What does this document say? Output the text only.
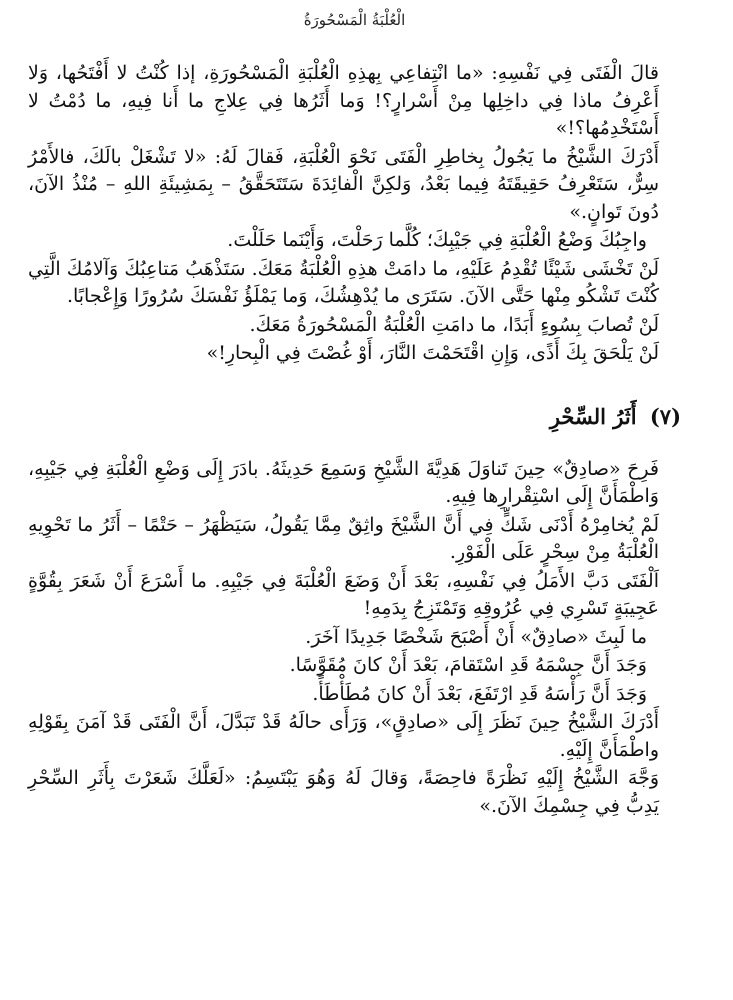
الْعُلْبَةُ الْمَسْحُورَةُ

قالَ الْفَتَى فِي نَفْسِهِ: «ما انْتِفاعِي بِهذِهِ الْعُلْبَةِ الْمَسْحُورَةِ، إذا كُنْتُ لا أَفْتَحُها، وَلا أَعْرِفُ ماذا فِي داخِلِها مِنْ أَسْرارٍ؟! وَما أَثَرُها فِي عِلاجِ ما أَنا فِيهِ، ما دُمْتُ لا أَسْتَخْدِمُها؟!»

أَدْرَكَ الشَّيْخُ ما يَجُولُ بِخاطِرِ الْفَتَى نَحْوَ الْعُلْبَةِ، فَقالَ لَهُ: «لا تَشْغَلْ بالَكَ، فالأَمْرُ سِرٌّ، سَتَعْرِفُ حَقِيقَتَهُ فِيما بَعْدُ، وَلكِنَّ الْفائِدَةَ سَتَتَحَقَّقُ – بِمَشِيئَةِ اللهِ – مُنْذُ الآنَ، دُونَ تَوانٍ.»

واجِبُكَ وَضْعُ الْعُلْبَةِ فِي جَيْبِكَ؛ كُلَّما رَحَلْتَ، وَأَيْنَما حَلَلْتَ.

لَنْ تَخْشَى شَيْئًا تُقْدِمُ عَلَيْهِ، ما دامَتْ هذِهِ الْعُلْبَةُ مَعَكَ. سَتَذْهَبُ مَتاعِبُكَ وَآلامُكَ الَّتِي كُنْتَ تَشْكُو مِنْها حَتَّى الآنَ. سَتَرَى ما يُدْهِشُكَ، وَما يَمْلَؤُ نَفْسَكَ سُرُورًا وَإِعْجابًا.

لَنْ تُصابَ بِسُوءٍ أَبَدًا، ما دامَتِ الْعُلْبَةُ الْمَسْحُورَةُ مَعَكَ.

لَنْ يَلْحَقَ بِكَ أَذًى، وَإِنِ اقْتَحَمْتَ النَّارَ، أَوْ غُصْتَ فِي الْبِحارِ!»

(٧) أَثَرُ السِّحْرِ

فَرِحَ «صادِقٌ» حِينَ تَناوَلَ هَدِيَّةَ الشَّيْخِ وَسَمِعَ حَدِيثَهُ. بادَرَ إِلَى وَضْعِ الْعُلْبَةِ فِي جَيْبِهِ، وَاطْمَأَنَّ إِلَى اسْتِقْرارِها فِيهِ.

لَمْ يُخامِرْهُ أَدْنَى شَكٍّ فِي أَنَّ الشَّيْخَ واثِقٌ مِمَّا يَقُولُ، سَيَظْهَرُ – حَتْمًا – أَثَرُ ما تَحْوِيهِ الْعُلْبَةُ مِنْ سِحْرٍ عَلَى الْفَوْرِ.

اَلْفَتَى دَبَّ الأَمَلُ فِي نَفْسِهِ، بَعْدَ أَنْ وَضَعَ الْعُلْبَةَ فِي جَيْبِهِ. ما أَسْرَعَ أَنْ شَعَرَ بِقُوَّةٍ عَجِيبَةٍ تَسْرِي فِي عُرُوقِهِ وَتَمْتَزِجُ بِدَمِهِ!

ما لَبِثَ «صادِقٌ» أَنْ أَصْبَحَ شَخْصًا جَدِيدًا آخَرَ.

وَجَدَ أَنَّ جِسْمَهُ قَدِ اسْتَقامَ، بَعْدَ أَنْ كانَ مُقَوَّسًا.

وَجَدَ أَنَّ رَأْسَهُ قَدِ ارْتَفَعَ، بَعْدَ أَنْ كانَ مُطَأْطَأً.

أَدْرَكَ الشَّيْخُ حِينَ نَظَرَ إِلَى «صادِقٍ»، وَرَأَى حالَهُ قَدْ تَبَدَّلَ، أَنَّ الْفَتَى قَدْ آمَنَ بِقَوْلِهِ واطْمَأَنَّ إِلَيْهِ.

وَجَّهَ الشَّيْخُ إِلَيْهِ نَظْرَةً فاحِصَةً، وَقالَ لَهُ وَهُوَ يَبْتَسِمُ: «لَعَلَّكَ شَعَرْتَ بِأَثَرِ السِّحْرِ يَدِبُّ فِي جِسْمِكَ الآنَ.»
